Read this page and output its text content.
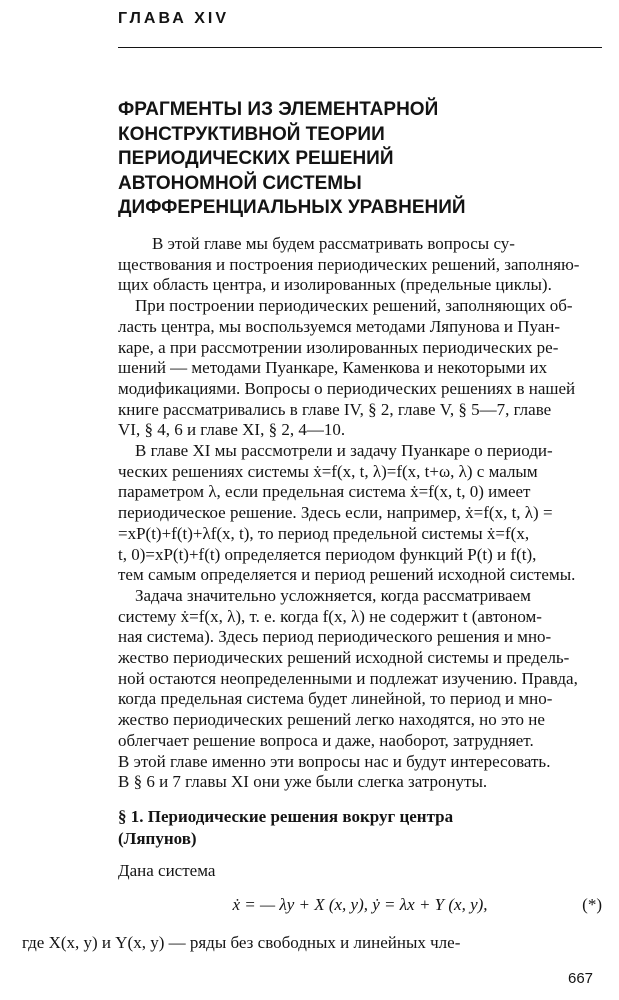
ГЛАВА XIV
ФРАГМЕНТЫ ИЗ ЭЛЕМЕНТАРНОЙ
КОНСТРУКТИВНОЙ ТЕОРИИ
ПЕРИОДИЧЕСКИХ РЕШЕНИЙ
АВТОНОМНОЙ СИСТЕМЫ
ДИФФЕРЕНЦИАЛЬНЫХ УРАВНЕНИЙ
В этой главе мы будем рассматривать вопросы су-
ществования и построения периодических решений, заполняю-
щих область центра, и изолированных (предельные циклы).
При построении периодических решений, заполняющих об-
ласть центра, мы воспользуемся методами Ляпунова и Пуан-
каре, а при рассмотрении изолированных периодических ре-
шений — методами Пуанкаре, Каменкова и некоторыми их
модификациями. Вопросы о периодических решениях в нашей
книге рассматривались в главе IV, § 2, главе V, § 5—7, главе
VI, § 4, 6 и главе XI, § 2, 4—10.
В главе XI мы рассмотрели и задачу Пуанкаре о периоди-
ческих решениях системы ẋ=f(x, t, λ)=f(x, t+ω, λ) с малым
параметром λ, если предельная система ẋ=f(x, t, 0) имеет
периодическое решение. Здесь если, например, ẋ=f(x, t, λ) =
=xP(t)+f(t)+λf(x, t), то период предельной системы ẋ=f(x,
t, 0)=xP(t)+f(t) определяется периодом функций P(t) и f(t),
тем самым определяется и период решений исходной системы.
Задача значительно усложняется, когда рассматриваем
систему ẋ=f(x, λ), т. е. когда f(x, λ) не содержит t (автоном-
ная система). Здесь период периодического решения и мно-
жество периодических решений исходной системы и предель-
ной остаются неопределенными и подлежат изучению. Правда,
когда предельная система будет линейной, то период и мно-
жество периодических решений легко находятся, но это не
облегчает решение вопроса и даже, наоборот, затрудняет.
В этой главе именно эти вопросы нас и будут интересовать.
В § 6 и 7 главы XI они уже были слегка затронуты.
§ 1. Периодические решения вокруг центра
(Ляпунов)
Дана система
ẋ = — λy + X (x, y), ẏ = λx + Y (x, y),	(*)
где X(x, y) и Y(x, y) — ряды без свободных и линейных чле-
667
